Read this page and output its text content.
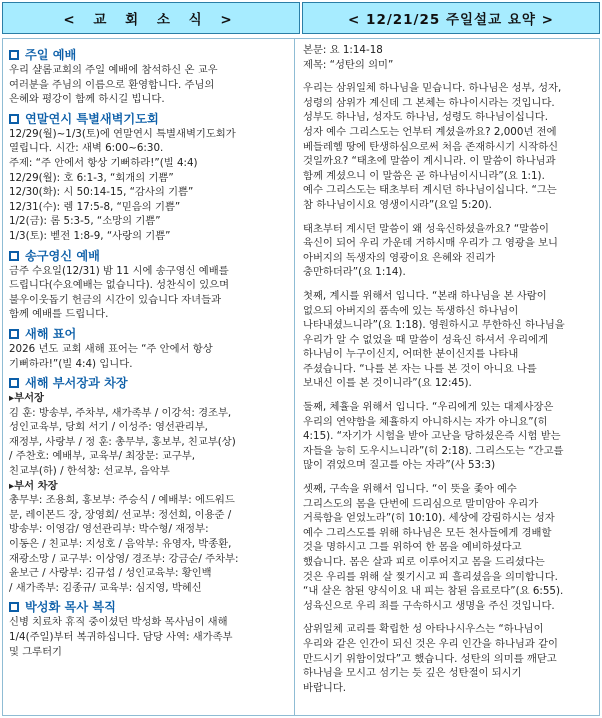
< 교 회 소 식 >	< 12/21/25 주일설교 요약 >
주일 예배

우리 샬롬교회의 주일 예배에 참석하신 온 교우
여러분을 주님의 이름으로 환영합니다. 주님의
은혜와 평강이 함께 하시길 빕니다.

연말연시 특별새벽기도회

12/29(월)~1/3(토)에 연말연시 특별새벽기도회가
열립니다. 시간: 새벽 6:00~6:30.
주제: “주 안에서 항상 기뻐하라!”(빌 4:4)
12/29(월): 호 6:1-3, “회개의 기쁨”
12/30(화): 시 50:14-15, “감사의 기쁨”
12/31(수): 렘 17:5-8, “믿음의 기쁨”
1/2(금): 롬 5:3-5, “소망의 기쁨”
1/3(토): 벧전 1:8-9, “사랑의 기쁨”

송구영신 예배

금주 수요일(12/31) 밤 11 시에 송구영신 예배를
드립니다(수요예배는 없습니다). 성찬식이 있으며
불우이웃돕기 헌금의 시간이 있습니다 자녀들과
함께 예배를 드립니다.

새해 표어

2026 년도 교회 새해 표어는 “주 안에서 항상
기뻐하라!”(빌 4:4) 입니다.

새해 부서장과 차장
▸부서장

김 훈: 방송부, 주차부, 새가족부 / 이강석: 경조부,
성인교육부, 당회 서기 / 이성주: 영선관리부,
재정부, 사랑부 / 정 훈: 총무부, 홍보부, 친교부(상)
/ 주찬호: 예배부, 교육부/ 최장문: 교구부,
친교부(하) / 한석창: 선교부, 음악부

▸부서 차장

총무부: 조용희, 홍보부: 주승식 / 예배부: 에드워드
문, 레이몬드 장, 장영희/ 선교부: 정선희, 이용준 /
방송부: 이영감/ 영선관리부: 박수형/ 재정부:
이동은 / 친교부: 지성호 / 음악부: 유영자, 박종환,
재광소망 / 교구부: 이상영/ 경조부: 강금순/ 주차부:
윤보근 / 사랑부: 김규섭 / 성인교육부: 황인백
/ 새가족부: 김종규/ 교육부: 심지영, 박혜신

박성화 목사 복직

신병 치료차 휴직 중이셨던 박성화 목사님이 새해
1/4(주일)부터 복귀하십니다. 담당 사역: 새가족부
및 그루터기

본문: 요 1:14-18

제목: “성탄의 의미”

우리는 삼위일체 하나님을 믿습니다. 하나님은 성부, 성자,
성령의 삼위가 계신데 그 본체는 하나이시라는 것입니다.
성부도 하나님, 성자도 하나님, 성령도 하나님이십니다.
성자 예수 그리스도는 언부터 계셨을까요? 2,000년 전에
베들레헴 땅에 탄생하심으로써 처음 존재하시기 시작하신
것일까요? “태초에 말씀이 계시니라. 이 말씀이 하나님과
함께 계셨으니 이 말씀은 곧 하나님이시니라”(요 1:1).
예수 그리스도는 태초부터 계시던 하나님이십니다. “그는
참 하나님이시요 영생이시라”(요일 5:20).

태초부터 계시던 말씀이 왜 성육신하셨을까요? “말씀이
육신이 되어 우리 가운데 거하시매 우리가 그 영광을 보니
아버지의 독생자의 영광이요 은혜와 진리가
충만하더라”(요 1:14).

첫째, 계시를 위해서 입니다. “본래 하나님을 본 사람이
없으되 아버지의 품속에 있는 독생하신 하나님이
나타내셨느니라”(요 1:18). 영원하시고 무한하신 하나님을
우리가 알 수 없었을 때 말씀이 성육신 하셔서 우리에게
하나님이 누구이신지, 어떠한 분이신지를 나타내
주셨습니다. “나를 본 자는 나를 본 것이 아니요 나를
보내신 이를 본 것이니라”(요 12:45).

둘째, 체휼을 위해서 입니다. “우리에게 있는 대제사장은
우리의 연약함을 체휼하지 아니하시는 자가 아니요”(히
4:15). “자기가 시험을 받아 고난을 당하셨은즉 시험 받는
자들을 능히 도우시느니라”(히 2:18). 그리스도는 “간고를
많이 겪었으며 질고를 아는 자라”(사 53:3)

셋째, 구속을 위해서 입니다. “이 뜻을 좇아 예수
그리스도의 몸을 단번에 드리심으로 말미암아 우리가
거룩함을 얻었노라”(히 10:10). 세상에 강림하시는 성자
예수 그리스도를 위해 하나님은 모든 천사들에게 경배할
것을 명하시고 그를 위하여 한 몸을 예비하셨다고
했습니다. 몸은 살과 피로 이루어지고 몸을 드리셨다는
것은 우리를 위해 살 찢기시고 피 흘리셨음을 의미합니다.
“내 살은 참된 양식이요 내 피는 참된 음료로다”(요 6:55).
성육신으로 우리 죄를 구속하시고 생명을 주신 것입니다.

삼위일체 교리를 확립한 성 아타나시우스는 “하나님이
우리와 같은 인간이 되신 것은 우리 인간을 하나님과 같이
만드시기 위함이었다”고 했습니다. 성탄의 의미를 깨닫고
하나님을 모시고 섬기는 듯 깊은 성탄절이 되시기
바랍니다.
